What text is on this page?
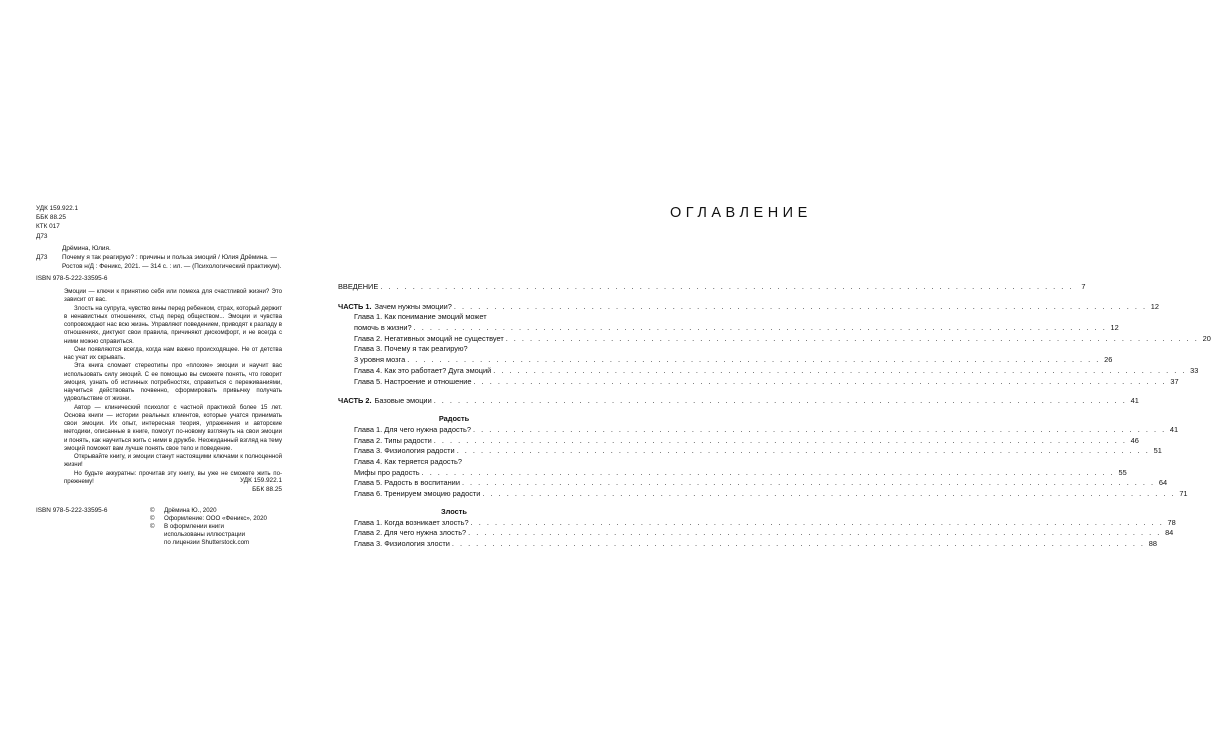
УДК 159.922.1
ББК 88.25
КТК 017
Д73
Дрёмина, Юлия.
Д73	Почему я так реагирую? : причины и польза эмоций / Юлия Дрёмина. —
Ростов н/Д : Феникс, 2021. — 314 с. : ил. — (Психологический практикум).
ISBN 978-5-222-33595-6

Эмоции — ключи к принятию себя или помеха для счастливой жизни? Это зависит от вас.

Злость на супруга, чувство вины перед ребенком, страх, который держит в ненавистных отношениях, стыд перед обществом... Эмоции и чувства сопровождают нас всю жизнь. Управляют поведением, приводят к разладу в отношениях, диктуют свои правила, причиняют дискомфорт, и не всегда с ними можно справиться.

Они появляются всегда, когда нам важно происходящее. Не от детства нас учат их скрывать.

Эта книга сломает стереотипы про «плохие» эмоции и научит вас использовать силу эмоций. С ее помощью вы сможете понять, что говорит эмоция, узнать об истинных потребностях, справиться с переживаниями, научиться действовать почвенно, сформировать привычку получать удовольствие от жизни.

Автор — клинический психолог с частной практикой более 15 лет. Основа книги — истории реальных клиентов, которые учатся принимать свои эмоции. Их опыт, интересная теория, упражнения и авторские методики, описанные в книге, помогут по-новому взглянуть на свои эмоции и понять, как научиться жить с ними в дружбе. Неожиданный взгляд на тему эмоций поможет вам лучше понять свое тело и поведение.

Открывайте книгу, и эмоции станут настоящими ключами к полноценной жизни!

Но будьте аккуратны: прочитав эту книгу, вы уже не сможете жить по-прежнему!	УДК 159.922.1
ББК 88.25
ISBN 978-5-222-33595-6	©	Дрёмина Ю., 2020
©	Оформление: ООО «Феникс», 2020
©	В оформлении книги
использованы иллюстрации
по лицензии Shutterstock.com
ОГЛАВЛЕНИЕ
ВВЕДЕНИЕ . . .	7
ЧАСТЬ 1. Зачем нужны эмоции? . . .	12
Глава 1. Как понимание эмоций может
помочь в жизни? . . .	12
Глава 2. Негативных эмоций не существует . . .	20
Глава 3. Почему я так реагирую?
3 уровня мозга . . .	26
Глава 4. Как это работает? Дуга эмоций . . .	33
Глава 5. Настроение и отношение . . .	37
ЧАСТЬ 2. Базовые эмоции . . .	41
Радость
Глава 1. Для чего нужна радость? . . .	41
Глава 2. Типы радости . . .	46
Глава 3. Физиология радости . . .	51
Глава 4. Как теряется радость?
Мифы про радость . . .	55
Глава 5. Радость в воспитании . . .	64
Глава 6. Тренируем эмоцию радости . . .	71
Злость
Глава 1. Когда возникает злость? . . .	78
Глава 2. Для чего нужна злость? . . .	84
Глава 3. Физиология злости . . .	88
